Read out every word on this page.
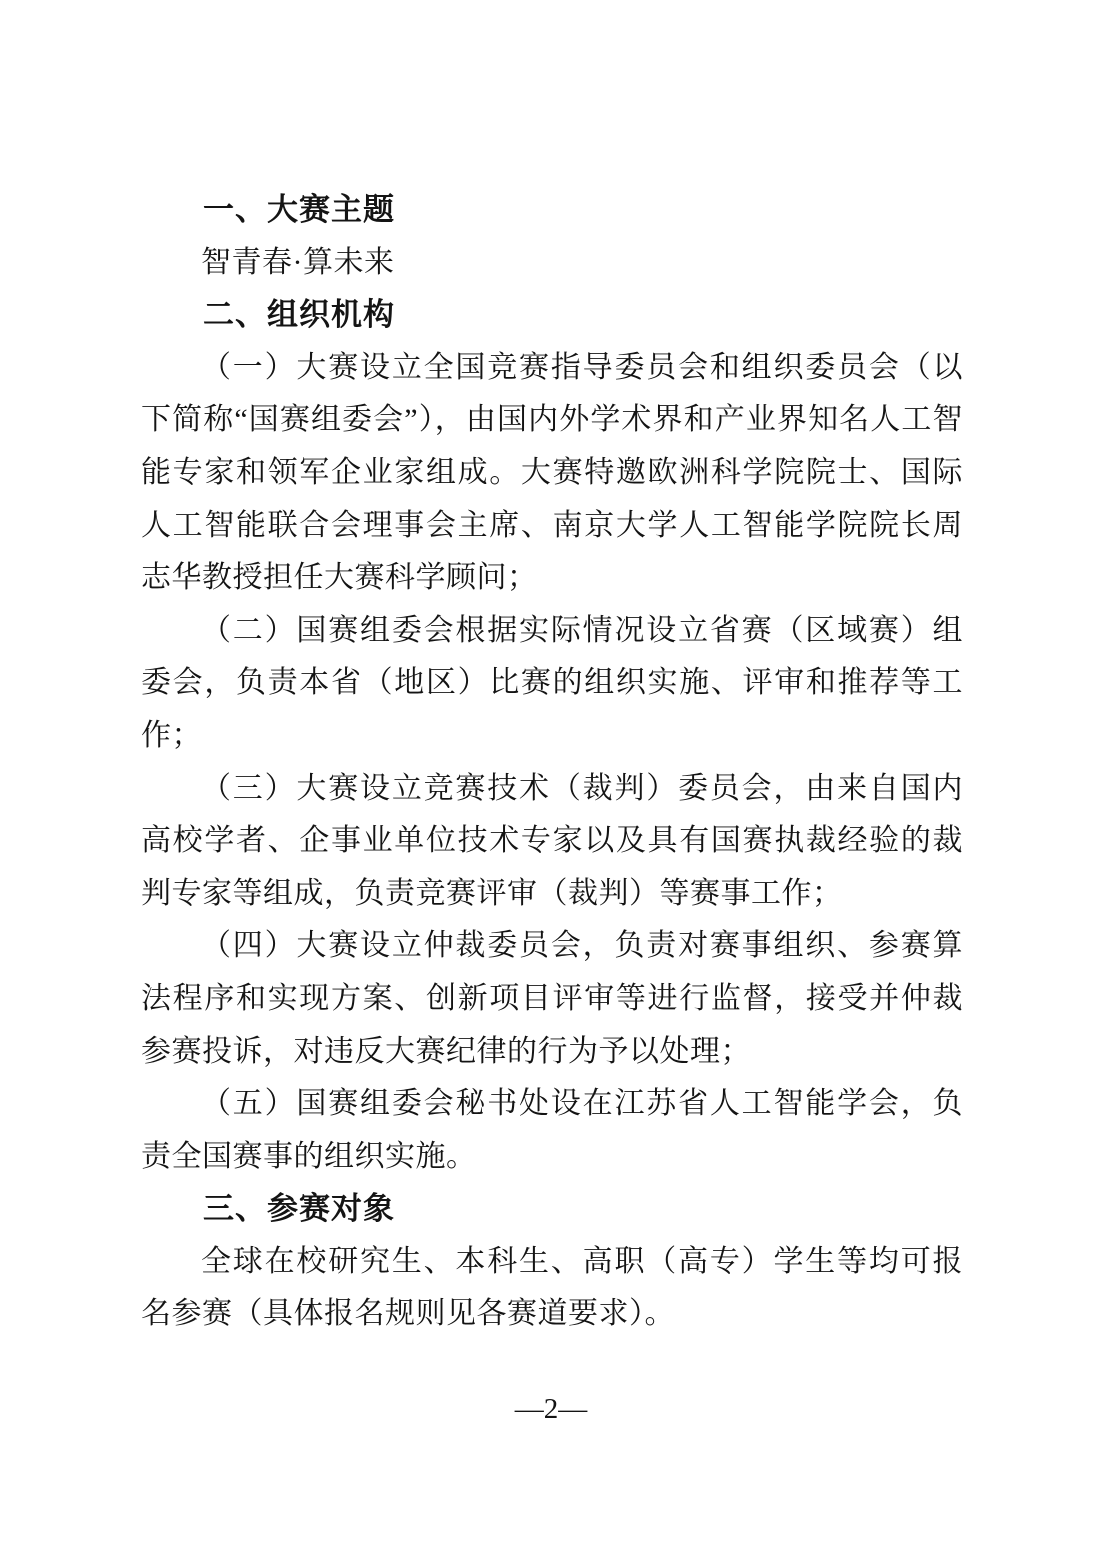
一、大赛主题

智青春·算未来

二、组织机构

（一）大赛设立全国竞赛指导委员会和组织委员会（以下简称“国赛组委会”），由国内外学术界和产业界知名人工智能专家和领军企业家组成。大赛特邀欧洲科学院院士、国际人工智能联合会理事会主席、南京大学人工智能学院院长周志华教授担任大赛科学顾问；

（二）国赛组委会根据实际情况设立省赛（区域赛）组委会，负责本省（地区）比赛的组织实施、评审和推荐等工作；

（三）大赛设立竞赛技术（裁判）委员会，由来自国内高校学者、企事业单位技术专家以及具有国赛执裁经验的裁判专家等组成，负责竞赛评审（裁判）等赛事工作；

（四）大赛设立仲裁委员会，负责对赛事组织、参赛算法程序和实现方案、创新项目评审等进行监督，接受并仲裁参赛投诉，对违反大赛纪律的行为予以处理；

（五）国赛组委会秘书处设在江苏省人工智能学会，负责全国赛事的组织实施。

三、参赛对象

全球在校研究生、本科生、高职（高专）学生等均可报名参赛（具体报名规则见各赛道要求）。

—2—
